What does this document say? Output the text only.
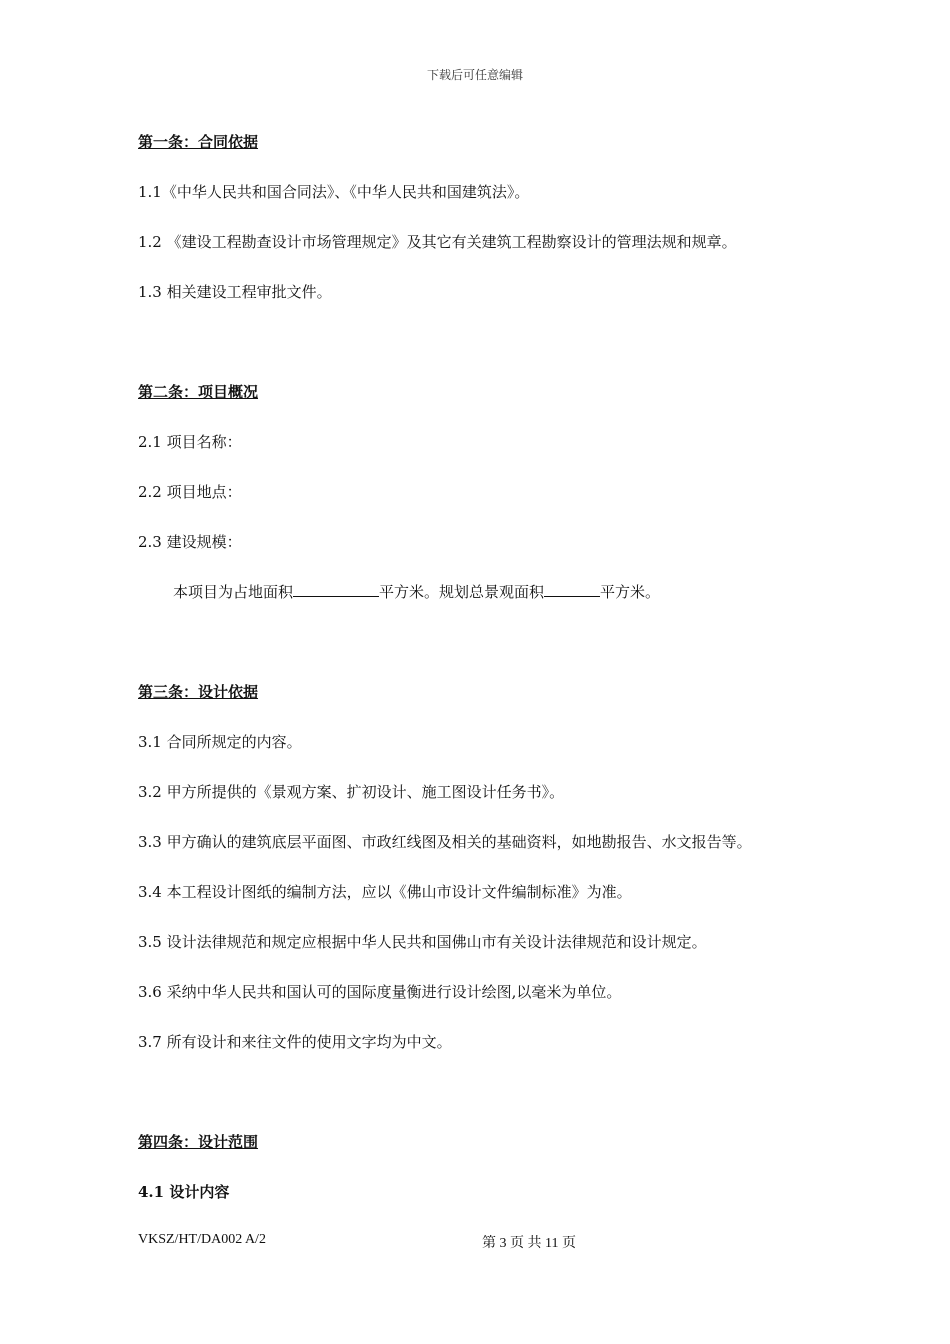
下载后可任意编辑
第一条：合同依据
1.1《中华人民共和国合同法》、《中华人民共和国建筑法》。
1.2 《建设工程勘查设计市场管理规定》及其它有关建筑工程勘察设计的管理法规和规章。
1.3 相关建设工程审批文件。
第二条：项目概况
2.1 项目名称：
2.2 项目地点：
2.3 建设规模：
本项目为占地面积	平方米。规划总景观面积	平方米。
第三条：设计依据
3.1 合同所规定的内容。
3.2 甲方所提供的《景观方案、扩初设计、施工图设计任务书》。
3.3 甲方确认的建筑底层平面图、市政红线图及相关的基础资料，如地勘报告、水文报告等。
3.4 本工程设计图纸的编制方法，应以《佛山市设计文件编制标准》为准。
3.5 设计法律规范和规定应根据中华人民共和国佛山市有关设计法律规范和设计规定。
3.6 采纳中华人民共和国认可的国际度量衡进行设计绘图,以毫米为单位。
3.7 所有设计和来往文件的使用文字均为中文。
第四条：设计范围
4.1 设计内容
VKSZ/HT/DA002 A/2	第 3 页 共 11 页
